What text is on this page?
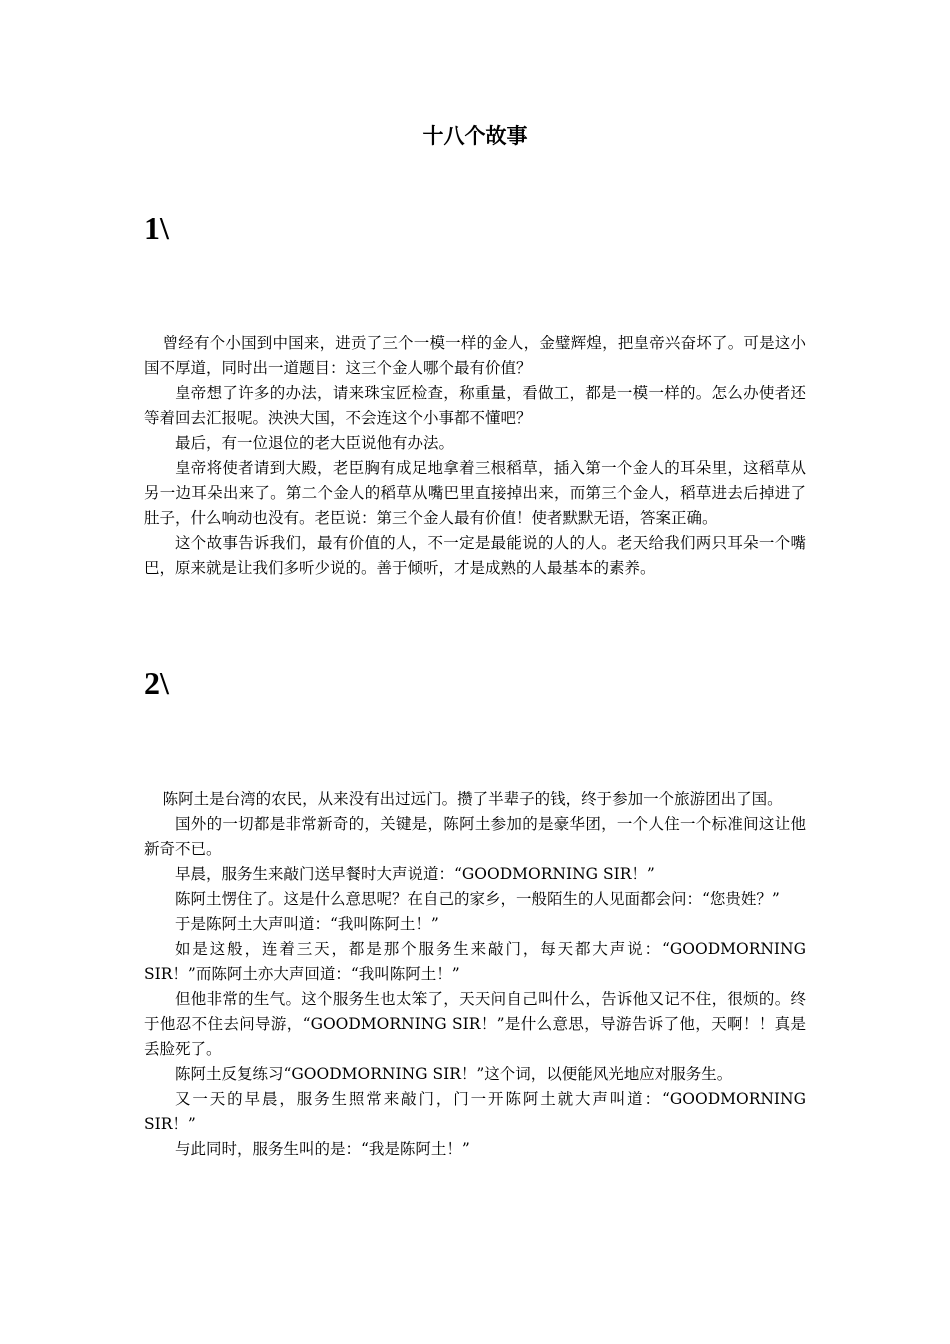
十八个故事
1\

曾经有个小国到中国来，进贡了三个一模一样的金人，金璧辉煌，把皇帝兴奋坏了。可是这小国不厚道，同时出一道题目：这三个金人哪个最有价值？

皇帝想了许多的办法，请来珠宝匠检查，称重量，看做工，都是一模一样的。怎么办使者还等着回去汇报呢。泱泱大国，不会连这个小事都不懂吧？

最后，有一位退位的老大臣说他有办法。

皇帝将使者请到大殿，老臣胸有成足地拿着三根稻草，插入第一个金人的耳朵里，这稻草从另一边耳朵出来了。第二个金人的稻草从嘴巴里直接掉出来，而第三个金人，稻草进去后掉进了肚子，什么响动也没有。老臣说：第三个金人最有价值！使者默默无语，答案正确。

这个故事告诉我们，最有价值的人，不一定是最能说的人的人。老天给我们两只耳朵一个嘴巴，原来就是让我们多听少说的。善于倾听，才是成熟的人最基本的素养。

2\

陈阿土是台湾的农民，从来没有出过远门。攒了半辈子的钱，终于参加一个旅游团出了国。

国外的一切都是非常新奇的，关键是，陈阿土参加的是豪华团，一个人住一个标准间这让他新奇不已。

早晨，服务生来敲门送早餐时大声说道：“GOODMORNING SIR！”

陈阿土愣住了。这是什么意思呢？在自己的家乡，一般陌生的人见面都会问：“您贵姓？”

于是陈阿土大声叫道：“我叫陈阿土！”

如是这般，连着三天，都是那个服务生来敲门，每天都大声说：“GOODMORNING SIR！”而陈阿土亦大声回道：“我叫陈阿土！”

但他非常的生气。这个服务生也太笨了，天天问自己叫什么，告诉他又记不住，很烦的。终于他忍不住去问导游，“GOODMORNING SIR！”是什么意思，导游告诉了他，天啊！！真是丢脸死了。

陈阿土反复练习“GOODMORNING SIR！”这个词，以便能风光地应对服务生。

又一天的早晨，服务生照常来敲门，门一开陈阿土就大声叫道：“GOODMORNING SIR！”

与此同时，服务生叫的是：“我是陈阿土！”
